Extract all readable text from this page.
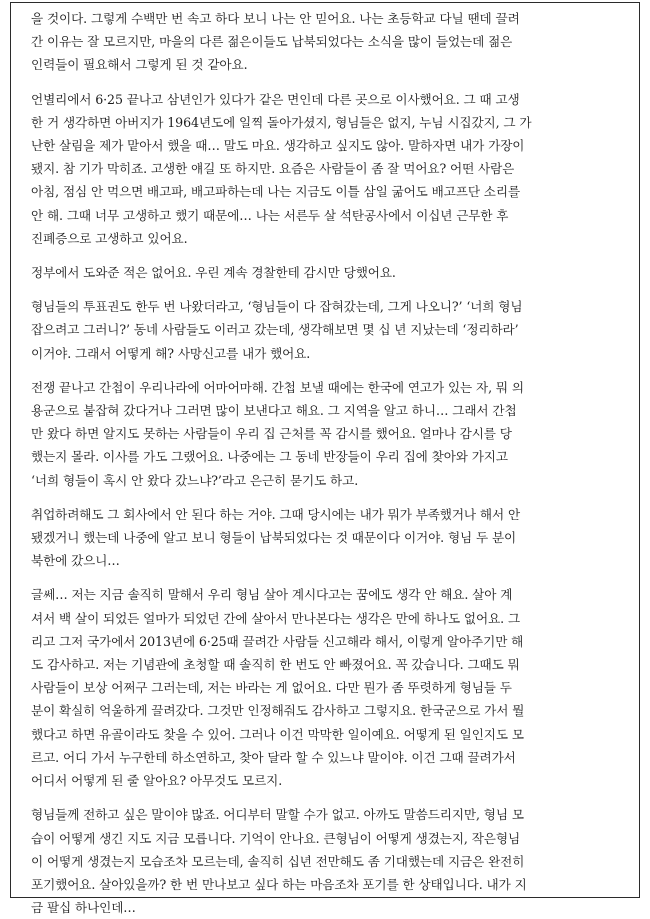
을 것이다. 그렇게 수백만 번 속고 하다 보니 나는 안 믿어요. 나는 초등학교 다닐 땐데 끌려
간 이유는 잘 모르지만, 마을의 다른 젊은이들도 납북되었다는 소식을 많이 들었는데 젊은
인력들이 필요해서 그렇게 된 것 같아요.
언별리에서 6·25 끝나고 삼년인가 있다가 같은 면인데 다른 곳으로 이사했어요. 그 때 고생
한 거 생각하면 아버지가 1964년도에 일찍 돌아가셨지, 형님들은 없지, 누님 시집갔지, 그 가
난한 살림을 제가 맡아서 했을 때… 말도 마요. 생각하고 싶지도 않아. 말하자면 내가 가장이
됐지. 참 기가 막히죠. 고생한 얘길 또 하지만. 요즘은 사람들이 좀 잘 먹어요? 어떤 사람은
아침, 점심 안 먹으면 배고파, 배고파하는데 나는 지금도 이틀 삼일 굶어도 배고프단 소리를
안 해. 그때 너무 고생하고 했기 때문에… 나는 서른두 살 석탄공사에서 이십년 근무한 후
진폐증으로 고생하고 있어요.
정부에서 도와준 적은 없어요. 우린 계속 경찰한테 감시만 당했어요.
형님들의 투표권도 한두 번 나왔더라고, ‘형님들이 다 잡혀갔는데, 그게 나오니?’ ‘너희 형님
잡으려고 그러니?’ 동네 사람들도 이러고 갔는데, 생각해보면 몇 십 년 지났는데 ‘정리하라’
이거야. 그래서 어떻게 해? 사망신고를 내가 했어요.
전쟁 끝나고 간첩이 우리나라에 어마어마해. 간첩 보낼 때에는 한국에 연고가 있는 자, 뭐 의
용군으로 붙잡혀 갔다거나 그러면 많이 보낸다고 해요. 그 지역을 알고 하니… 그래서 간첩
만 왔다 하면 알지도 못하는 사람들이 우리 집 근처를 꼭 감시를 했어요. 얼마나 감시를 당
했는지 몰라. 이사를 가도 그랬어요. 나중에는 그 동네 반장들이 우리 집에 찾아와 가지고
‘너희 형들이 혹시 안 왔다 갔느냐?’라고 은근히 묻기도 하고.
취업하려해도 그 회사에서 안 된다 하는 거야. 그때 당시에는 내가 뭐가 부족했거나 해서 안
됐겠거니 했는데 나중에 알고 보니 형들이 납북되었다는 것 때문이다 이거야. 형님 두 분이
북한에 갔으니…
글쎄… 저는 지금 솔직히 말해서 우리 형님 살아 계시다고는 꿈에도 생각 안 해요. 살아 계
셔서 백 살이 되었든 얼마가 되었던 간에 살아서 만나본다는 생각은 만에 하나도 없어요. 그
리고 그저 국가에서 2013년에 6·25때 끌려간 사람들 신고해라 해서, 이렇게 알아주기만 해
도 감사하고. 저는 기념관에 초청할 때 솔직히 한 번도 안 빠졌어요. 꼭 갔습니다. 그때도 뭐
사람들이 보상 어쩌구 그러는데, 저는 바라는 게 없어요. 다만 뭔가 좀 뚜렷하게 형님들 두
분이 확실히 억울하게 끌려갔다. 그것만 인정해줘도 감사하고 그렇지요. 한국군으로 가서 뭘
했다고 하면 유골이라도 찾을 수 있어. 그러나 이건 막막한 일이예요. 어떻게 된 일인지도 모
르고. 어디 가서 누구한테 하소연하고, 찾아 달라 할 수 있느냐 말이야. 이건 그때 끌려가서
어디서 어떻게 된 줄 알아요? 아무것도 모르지.
형님들께 전하고 싶은 말이야 많죠. 어디부터 말할 수가 없고. 아까도 말씀드리지만, 형님 모
습이 어떻게 생긴 지도 지금 모릅니다. 기억이 안나요. 큰형님이 어떻게 생겼는지, 작은형님
이 어떻게 생겼는지 모습조차 모르는데, 솔직히 십년 전만해도 좀 기대했는데 지금은 완전히
포기했어요. 살아있을까? 한 번 만나보고 싶다 하는 마음조차 포기를 한 상태입니다. 내가 지
금 팔십 하나인데…
